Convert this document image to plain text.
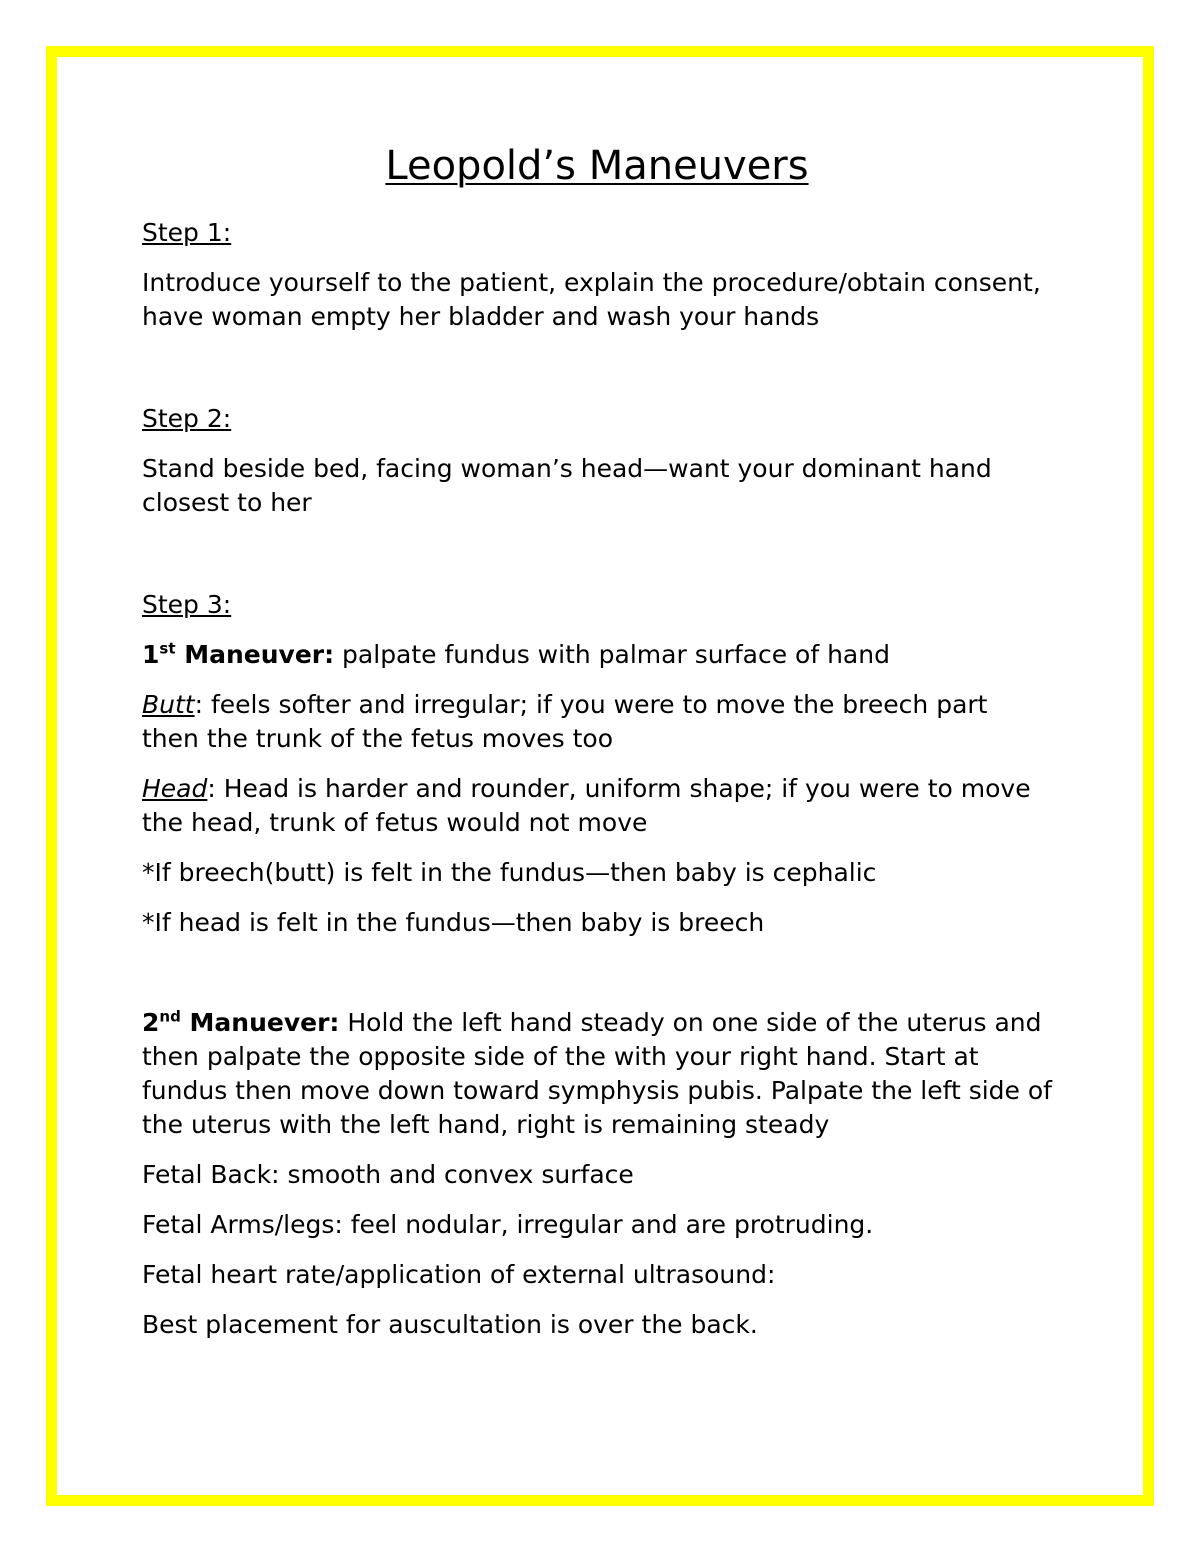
Leopold’s Maneuvers
Step 1:

Introduce yourself to the patient, explain the procedure/obtain consent, have woman empty her bladder and wash your hands

Step 2:

Stand beside bed, facing woman’s head—want your dominant hand closest to her

Step 3:

1st Maneuver: palpate fundus with palmar surface of hand

Butt: feels softer and irregular; if you were to move the breech part then the trunk of the fetus moves too

Head: Head is harder and rounder, uniform shape; if you were to move the head, trunk of fetus would not move

*If breech(butt) is felt in the fundus—then baby is cephalic

*If head is felt in the fundus—then baby is breech

2nd Manuever: Hold the left hand steady on one side of the uterus and then palpate the opposite side of the with your right hand. Start at fundus then move down toward symphysis pubis. Palpate the left side of the uterus with the left hand, right is remaining steady

Fetal Back: smooth and convex surface

Fetal Arms/legs: feel nodular, irregular and are protruding.

Fetal heart rate/application of external ultrasound:

Best placement for auscultation is over the back.
